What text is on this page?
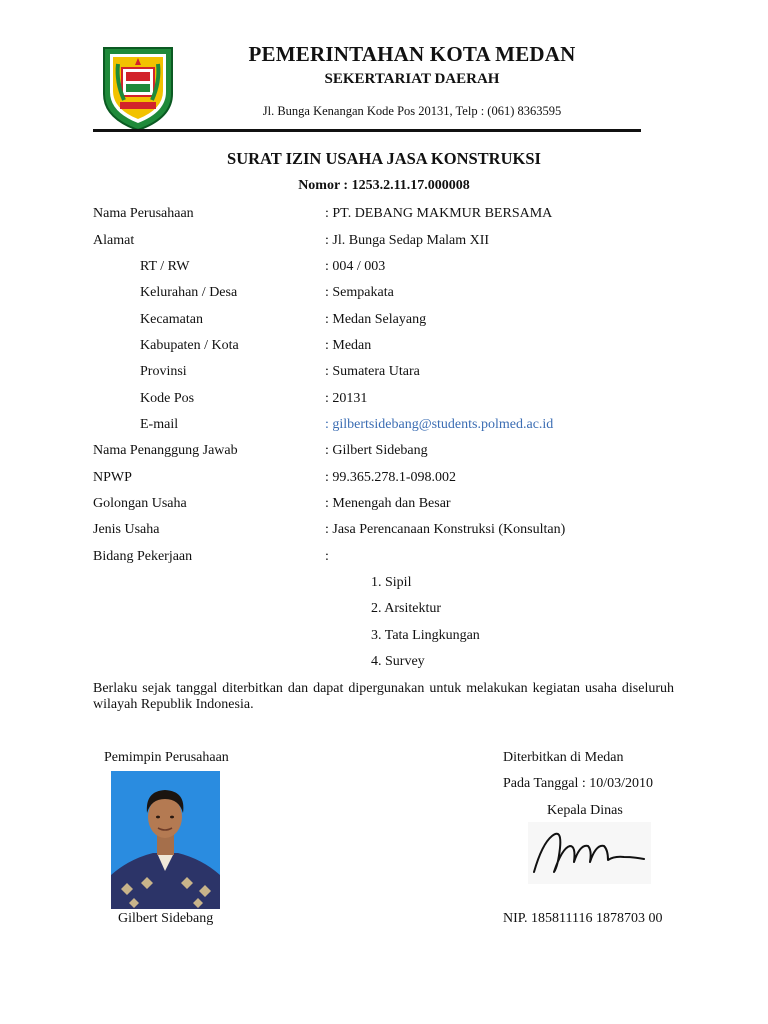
PEMERINTAHAN KOTA MEDAN
SEKERTARIAT DAERAH
Jl. Bunga Kenangan Kode Pos 20131, Telp : (061) 8363595
SURAT IZIN USAHA JASA KONSTRUKSI
Nomor : 1253.2.11.17.000008
Nama Perusahaan	: PT. DEBANG MAKMUR BERSAMA
Alamat	: Jl. Bunga Sedap Malam XII
RT / RW	: 004 / 003
Kelurahan / Desa	: Sempakata
Kecamatan	: Medan Selayang
Kabupaten / Kota	: Medan
Provinsi	: Sumatera Utara
Kode Pos	: 20131
E-mail	: gilbertsidebang@students.polmed.ac.id
Nama Penanggung Jawab	: Gilbert Sidebang
NPWP	: 99.365.278.1-098.002
Golongan Usaha	: Menengah dan Besar
Jenis Usaha	: Jasa Perencanaan Konstruksi (Konsultan)
Bidang Pekerjaan	:
1. Sipil
2. Arsitektur
3. Tata Lingkungan
4. Survey
Berlaku sejak tanggal diterbitkan dan dapat dipergunakan untuk melakukan kegiatan usaha diseluruh wilayah Republik Indonesia.
Pemimpin Perusahaan
Gilbert Sidebang
Diterbitkan di Medan
Pada Tanggal : 10/03/2010
Kepala Dinas
NIP. 185811116 1878703 00
